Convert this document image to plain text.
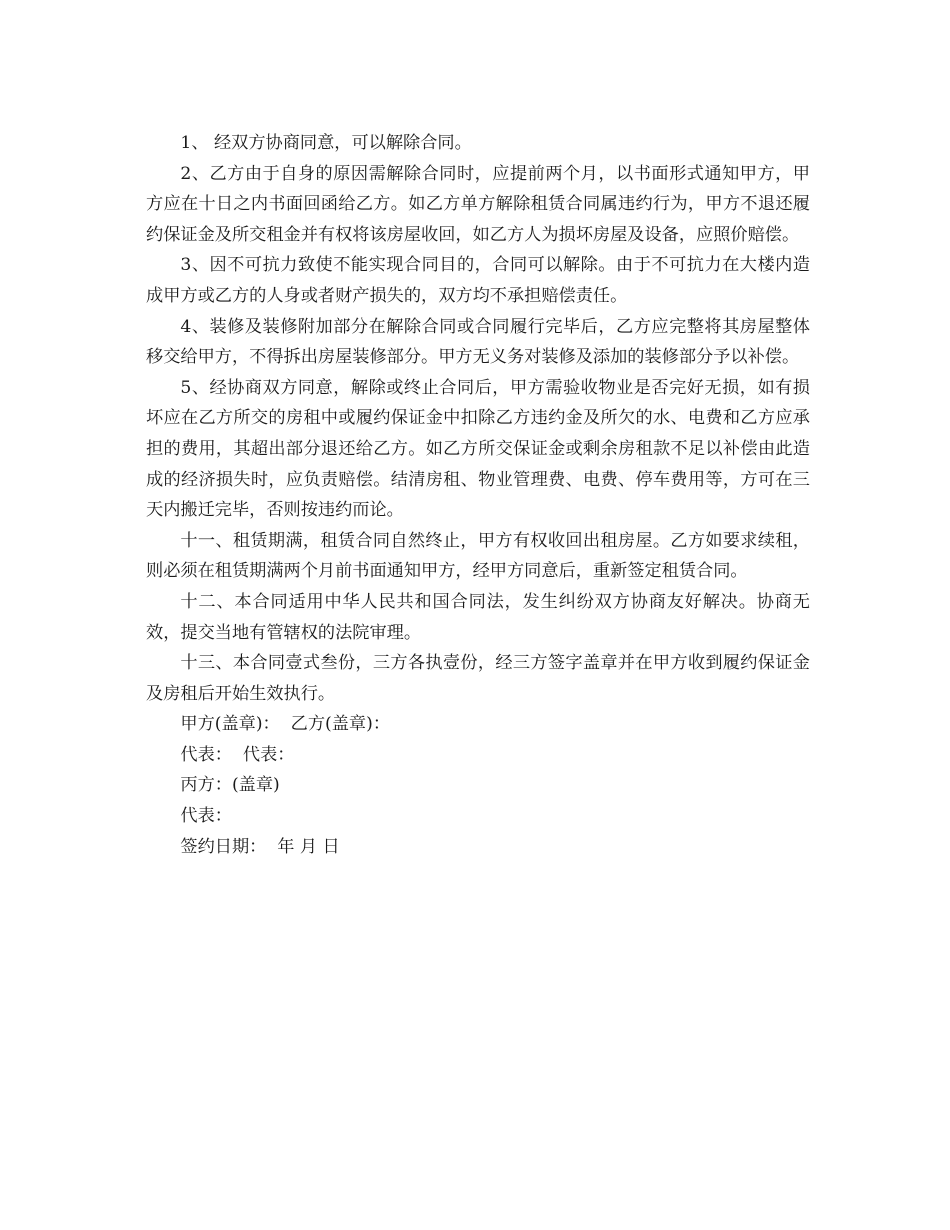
1、 经双方协商同意，可以解除合同。

2、乙方由于自身的原因需解除合同时，应提前两个月，以书面形式通知甲方，甲方应在十日之内书面回函给乙方。如乙方单方解除租赁合同属违约行为，甲方不退还履约保证金及所交租金并有权将该房屋收回，如乙方人为损坏房屋及设备，应照价赔偿。

3、因不可抗力致使不能实现合同目的，合同可以解除。由于不可抗力在大楼内造成甲方或乙方的人身或者财产损失的，双方均不承担赔偿责任。

4、装修及装修附加部分在解除合同或合同履行完毕后，乙方应完整将其房屋整体移交给甲方，不得拆出房屋装修部分。甲方无义务对装修及添加的装修部分予以补偿。

5、经协商双方同意，解除或终止合同后，甲方需验收物业是否完好无损，如有损坏应在乙方所交的房租中或履约保证金中扣除乙方违约金及所欠的水、电费和乙方应承担的费用，其超出部分退还给乙方。如乙方所交保证金或剩余房租款不足以补偿由此造成的经济损失时，应负责赔偿。结清房租、物业管理费、电费、停车费用等，方可在三天内搬迁完毕，否则按违约而论。

十一、租赁期满，租赁合同自然终止，甲方有权收回出租房屋。乙方如要求续租，则必须在租赁期满两个月前书面通知甲方，经甲方同意后，重新签定租赁合同。

十二、本合同适用中华人民共和国合同法，发生纠纷双方协商友好解决。协商无效，提交当地有管辖权的法院审理。

十三、本合同壹式叁份，三方各执壹份，经三方签字盖章并在甲方收到履约保证金及房租后开始生效执行。

甲方(盖章)：  乙方(盖章)：

代表：  代表：

丙方：(盖章)

代表：

签约日期：  年 月 日
